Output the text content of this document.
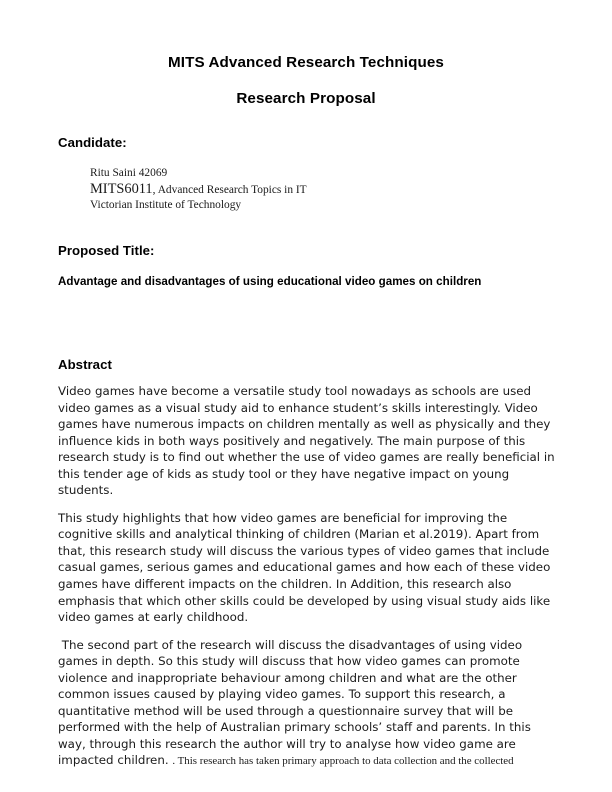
MITS Advanced Research Techniques
Research Proposal
Candidate:
Ritu Saini 42069
MITS6011, Advanced Research Topics in IT
Victorian Institute of Technology
Proposed Title:
Advantage and disadvantages of using educational video games on children
Abstract

Video games have become a versatile study tool nowadays as schools are used video games as a visual study aid to enhance student’s skills interestingly. Video games have numerous impacts on children mentally as well as physically and they influence kids in both ways positively and negatively. The main purpose of this research study is to find out whether the use of video games are really beneficial in this tender age of kids as study tool or they have negative impact on young students.

This study highlights that how video games are beneficial for improving the cognitive skills and analytical thinking of children (Marian et al.2019). Apart from that, this research study will discuss the various types of video games that include casual games, serious games and educational games and how each of these video games have different impacts on the children. In Addition, this research also emphasis that which other skills could be developed by using visual study aids like video games at early childhood.

The second part of the research will discuss the disadvantages of using video games in depth. So this study will discuss that how video games can promote violence and inappropriate behaviour among children and what are the other common issues caused by playing video games. To support this research, a quantitative method will be used through a questionnaire survey that will be performed with the help of Australian primary schools’ staff and parents. In this way, through this research the author will try to analyse how video game are impacted children. . This research has taken primary approach to data collection and the collected
